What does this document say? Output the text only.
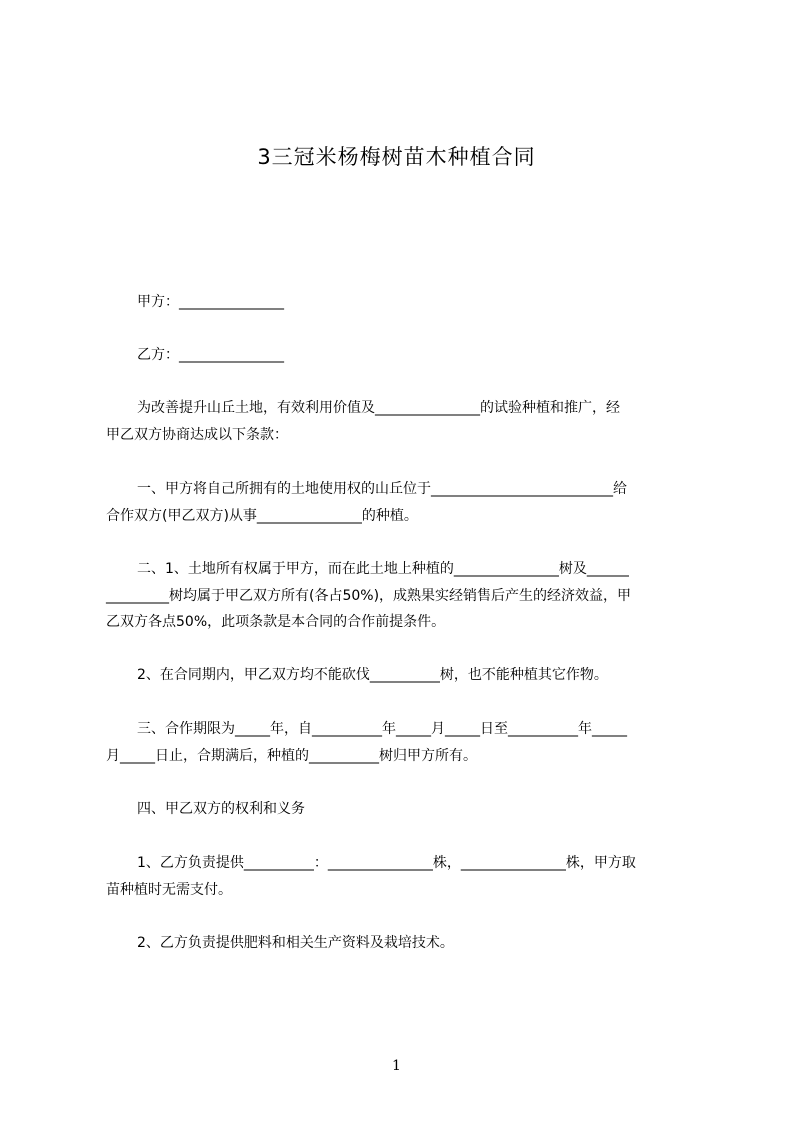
3三冠米杨梅树苗木种植合同
甲方：_______________
乙方：_______________
为改善提升山丘土地，有效利用价值及_______________的试验种植和推广，经
甲乙双方协商达成以下条款：
一、甲方将自己所拥有的土地使用权的山丘位于__________________________给
合作双方(甲乙双方)从事_______________的种植。
二、1、土地所有权属于甲方，而在此土地上种植的_______________树及______
_________树均属于甲乙双方所有(各占50%)，成熟果实经销售后产生的经济效益，甲
乙双方各点50%，此项条款是本合同的合作前提条件。
2、在合同期内，甲乙双方均不能砍伐__________树，也不能种植其它作物。
三、合作期限为_____年，自__________年_____月_____日至__________年_____
月_____日止，合期满后，种植的__________树归甲方所有。
四、甲乙双方的权利和义务
1、乙方负责提供__________：_______________株，_______________株，甲方取
苗种植时无需支付。
2、乙方负责提供肥料和相关生产资料及栽培技术。
1
